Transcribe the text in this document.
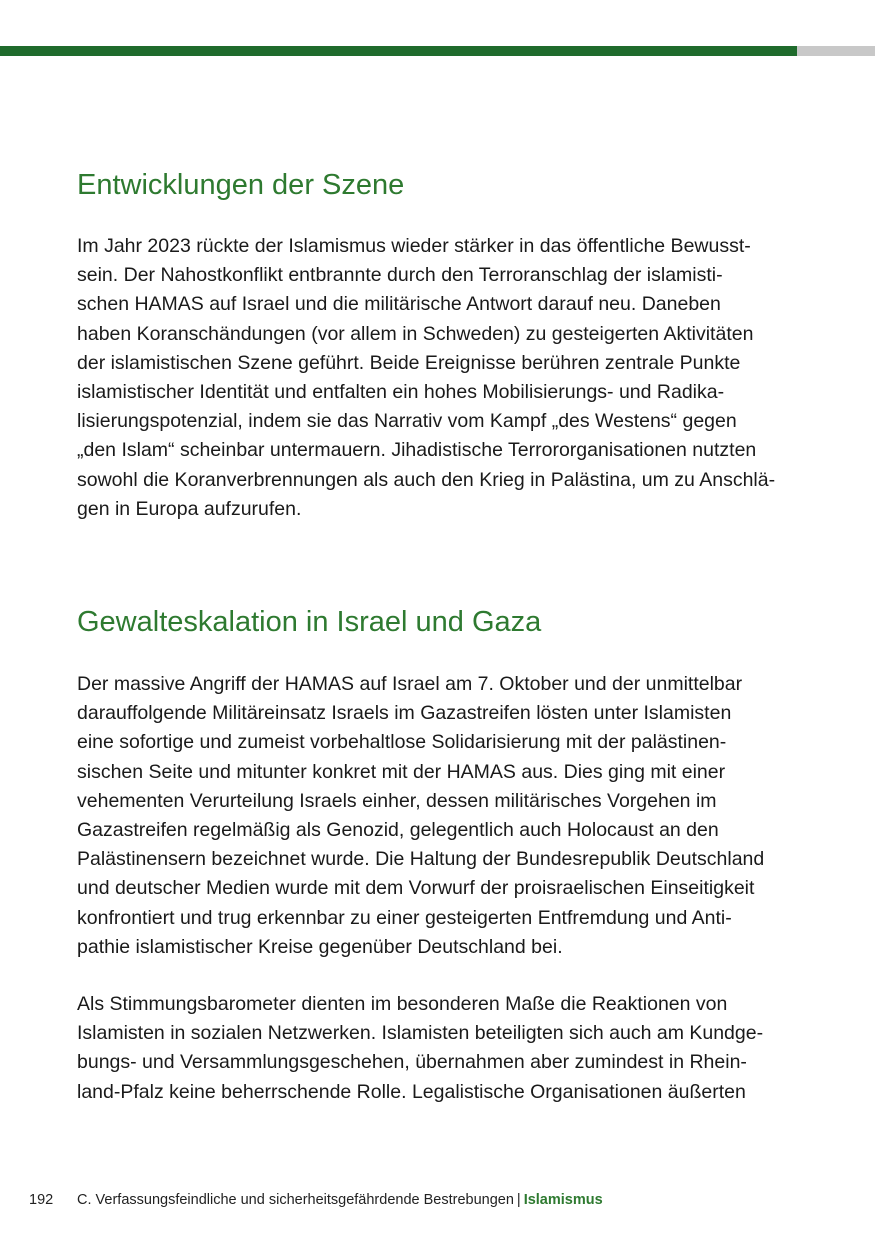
Entwicklungen der Szene

Im Jahr 2023 rückte der Islamismus wieder stärker in das öffentliche Bewusst-
sein. Der Nahostkonflikt entbrannte durch den Terroranschlag der islamisti-
schen HAMAS auf Israel und die militärische Antwort darauf neu. Daneben
haben Koranschändungen (vor allem in Schweden) zu gesteigerten Aktivitäten
der islamistischen Szene geführt. Beide Ereignisse berühren zentrale Punkte
islamistischer Identität und entfalten ein hohes Mobilisierungs- und Radika-
lisierungspotenzial, indem sie das Narrativ vom Kampf „des Westens“ gegen
„den Islam“ scheinbar untermauern. Jihadistische Terrororganisationen nutzten
sowohl die Koranverbrennungen als auch den Krieg in Palästina, um zu Anschlä-
gen in Europa aufzurufen.

Gewalteskalation in Israel und Gaza

Der massive Angriff der HAMAS auf Israel am 7. Oktober und der unmittelbar
darauffolgende Militäreinsatz Israels im Gazastreifen lösten unter Islamisten
eine sofortige und zumeist vorbehaltlose Solidarisierung mit der palästinen-
sischen Seite und mitunter konkret mit der HAMAS aus. Dies ging mit einer
vehementen Verurteilung Israels einher, dessen militärisches Vorgehen im
Gazastreifen regelmäßig als Genozid, gelegentlich auch Holocaust an den
Palästinensern bezeichnet wurde. Die Haltung der Bundesrepublik Deutschland
und deutscher Medien wurde mit dem Vorwurf der proisraelischen Einseitigkeit
konfrontiert und trug erkennbar zu einer gesteigerten Entfremdung und Anti-
pathie islamistischer Kreise gegenüber Deutschland bei.

Als Stimmungsbarometer dienten im besonderen Maße die Reaktionen von
Islamisten in sozialen Netzwerken. Islamisten beteiligten sich auch am Kundge-
bungs- und Versammlungsgeschehen, übernahmen aber zumindest in Rhein-
land-Pfalz keine beherrschende Rolle. Legalistische Organisationen äußerten

192 C. Verfassungsfeindliche und sicherheitsgefährdende Bestrebungen | Islamismus
